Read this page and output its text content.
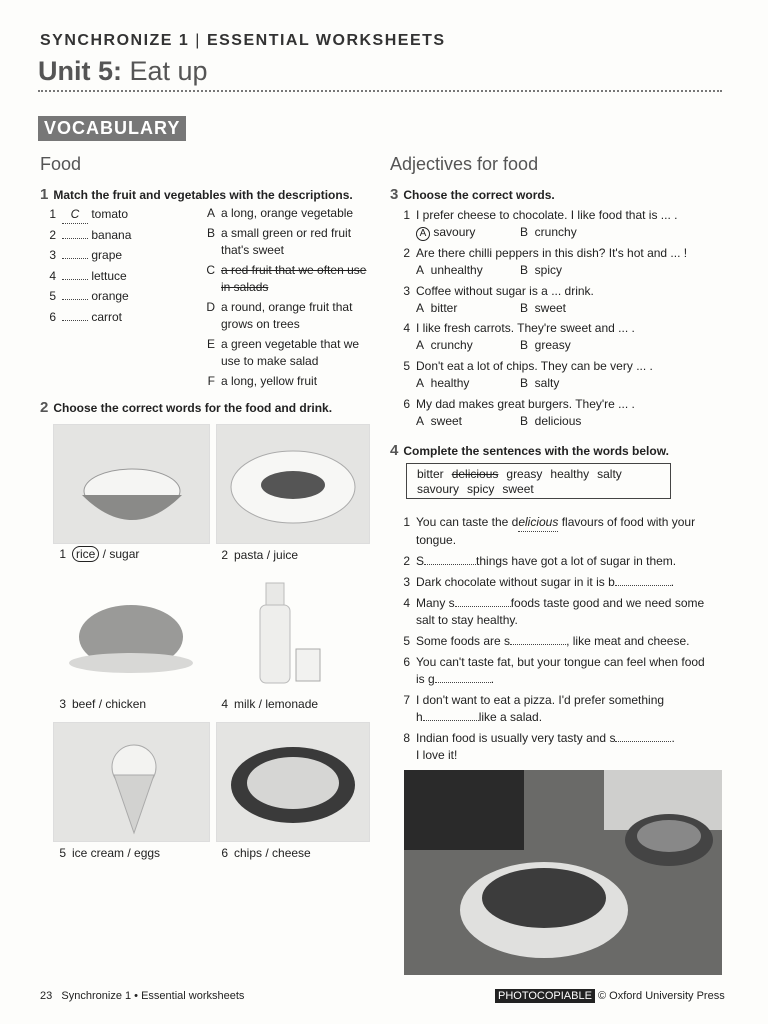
SYNCHRONIZE 1 | ESSENTIAL WORKSHEETS
Unit 5: Eat up
VOCABULARY
Food
1 Match the fruit and vegetables with the descriptions.
1 C tomato
2	banana
3	grape
4	lettuce
5	orange
6	carrot
A a long, orange vegetable
B a small green or red fruit
that's sweet
C a red fruit that we often use
in salads
D a round, orange fruit that
grows on trees
E a green vegetable that we
use to make salad
F a long, yellow fruit
2 Choose the correct words for the food and drink.
1 rice / sugar	2 pasta / juice
3 beef / chicken	4 milk / lemonade
5 ice cream / eggs	6 chips / cheese
Adjectives for food
3 Choose the correct words.
1 I prefer cheese to chocolate. I like food that is ... .
A savoury	B  crunchy
2 Are there chilli peppers in this dish? It's hot and ... !
A  unhealthy	B  spicy
3 Coffee without sugar is a ... drink.
A  bitter	B  sweet
4 I like fresh carrots. They're sweet and ... .
A  crunchy	B  greasy
5 Don't eat a lot of chips. They can be very ... .
A  healthy	B  salty
6 My dad makes great burgers. They're ... .
A  sweet	B  delicious
4 Complete the sentences with the words below.
bitter delicious greasy healthy salty
savoury spicy sweet
1 You can taste the delicious flavours of food with your
tongue.
2 S	things have got a lot of sugar in them.
3 Dark chocolate without sugar in it is b	.
4 Many s	foods taste good and we need some
salt to stay healthy.
5 Some foods are s	, like meat and cheese.
6 You can't taste fat, but your tongue can feel when food
is g	.
7 I don't want to eat a pizza. I'd prefer something
h	like a salad.
8 Indian food is usually very tasty and s	.
I love it!
23 Synchronize 1 • Essential worksheets	PHOTOCOPIABLE © Oxford University Press
